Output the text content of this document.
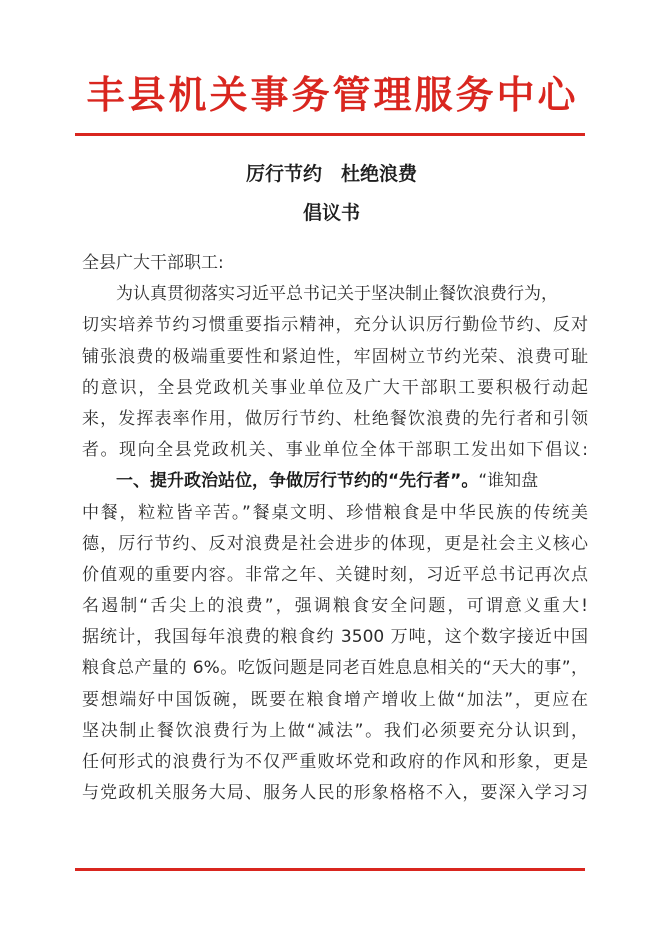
丰县机关事务管理服务中心
厉行节约　杜绝浪费
倡议书
全县广大干部职工:
为认真贯彻落实习近平总书记关于坚决制止餐饮浪费行为，
切实培养节约习惯重要指示精神，充分认识厉行勤俭节约、反对
铺张浪费的极端重要性和紧迫性，牢固树立节约光荣、浪费可耻
的意识，全县党政机关事业单位及广大干部职工要积极行动起
来，发挥表率作用，做厉行节约、杜绝餐饮浪费的先行者和引领
者。现向全县党政机关、事业单位全体干部职工发出如下倡议:
一、提升政治站位，争做厉行节约的“先行者”。“谁知盘
中餐，粒粒皆辛苦。”餐桌文明、珍惜粮食是中华民族的传统美
德，厉行节约、反对浪费是社会进步的体现，更是社会主义核心
价值观的重要内容。非常之年、关键时刻，习近平总书记再次点
名遏制“舌尖上的浪费”，强调粮食安全问题，可谓意义重大!
据统计，我国每年浪费的粮食约 3500 万吨，这个数字接近中国
粮食总产量的 6%。吃饭问题是同老百姓息息相关的“天大的事”，
要想端好中国饭碗，既要在粮食增产增收上做“加法”，更应在
坚决制止餐饮浪费行为上做“减法”。我们必须要充分认识到，
任何形式的浪费行为不仅严重败坏党和政府的作风和形象，更是
与党政机关服务大局、服务人民的形象格格不入，要深入学习习
